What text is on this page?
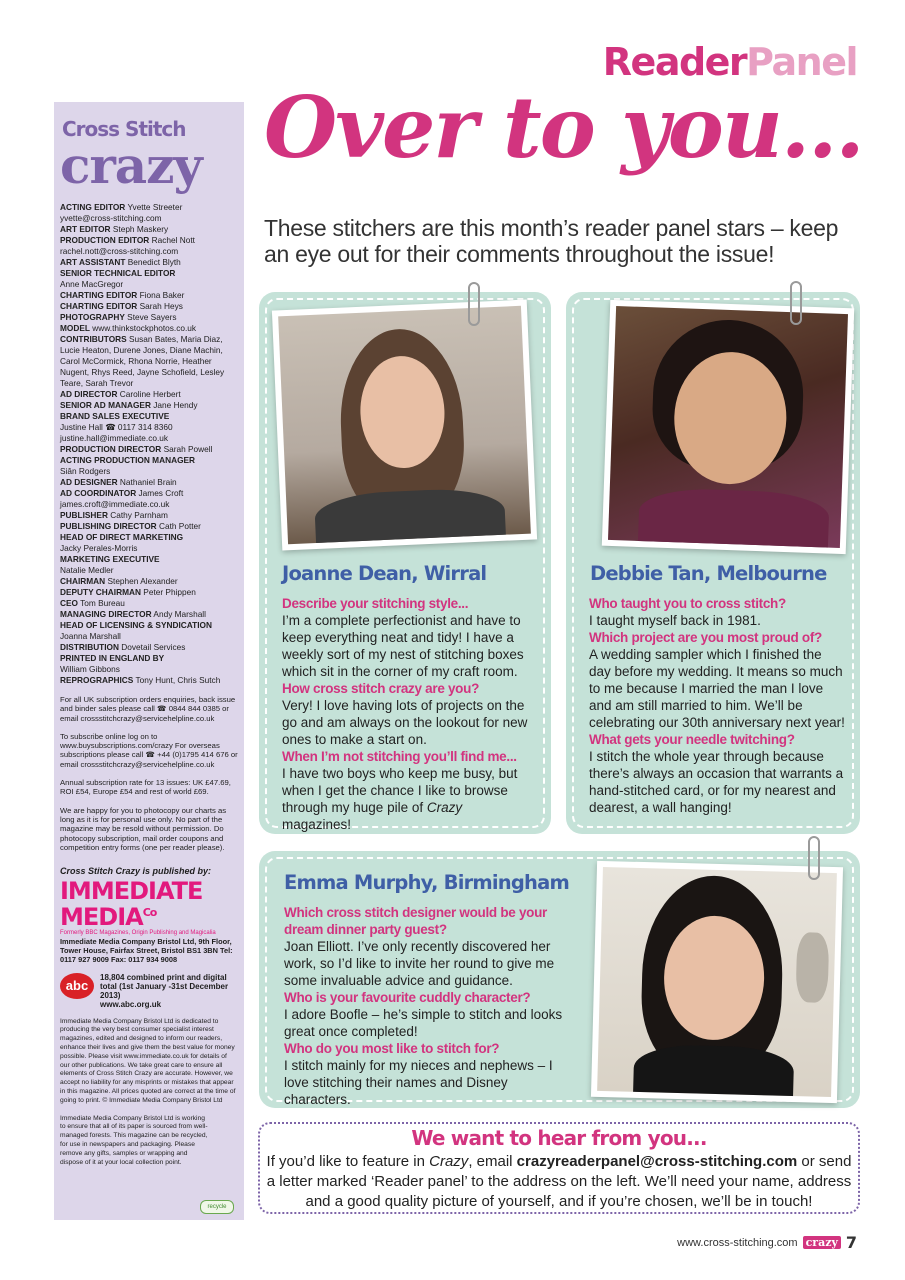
Cross Stitch
crazy
ACTING EDITOR Yvette Streeter
yvette@cross-stitching.com
ART EDITOR Steph Maskery
PRODUCTION EDITOR Rachel Nott
rachel.nott@cross-stitching.com
ART ASSISTANT Benedict Blyth
SENIOR TECHNICAL EDITOR
Anne MacGregor
CHARTING EDITOR Fiona Baker
CHARTING EDITOR Sarah Heys
PHOTOGRAPHY Steve Sayers
MODEL www.thinkstockphotos.co.uk
CONTRIBUTORS Susan Bates, Maria Diaz, Lucie Heaton, Durene Jones, Diane Machin, Carol McCormick, Rhona Norrie, Heather Nugent, Rhys Reed, Jayne Schofield, Lesley Teare, Sarah Trevor
AD DIRECTOR Caroline Herbert
SENIOR AD MANAGER Jane Hendy
BRAND SALES EXECUTIVE
Justine Hall ☎ 0117 314 8360
justine.hall@immediate.co.uk
PRODUCTION DIRECTOR Sarah Powell
ACTING PRODUCTION MANAGER
Siân Rodgers
AD DESIGNER Nathaniel Brain
AD COORDINATOR James Croft
james.croft@immediate.co.uk
PUBLISHER Cathy Parnham
PUBLISHING DIRECTOR Cath Potter
HEAD OF DIRECT MARKETING
Jacky Perales-Morris
MARKETING EXECUTIVE
Natalie Medler
CHAIRMAN Stephen Alexander
DEPUTY CHAIRMAN Peter Phippen
CEO Tom Bureau
MANAGING DIRECTOR Andy Marshall
HEAD OF LICENSING & SYNDICATION
Joanna Marshall
DISTRIBUTION Dovetail Services
PRINTED IN ENGLAND BY
William Gibbons
REPROGRAPHICS Tony Hunt, Chris Sutch

For all UK subscription orders enquiries, back issue and binder sales please call ☎ 0844 844 0385 or email crossstitchcrazy@servicehelpline.co.uk

To subscribe online log on to www.buysubscriptions.com/crazy For overseas subscriptions please call ☎ +44 (0)1795 414 676 or email crossstitchcrazy@servicehelpline.co.uk

Annual subscription rate for 13 issues: UK £47.69, ROI £54, Europe £54 and rest of world £69.

We are happy for you to photocopy our charts as long as it is for personal use only. No part of the magazine may be resold without permission. Do photocopy subscription, mail order coupons and competition entry forms (one per reader please).

Cross Stitch Crazy is published by:

IMMEDIATE
$MEDIA^{Co}$
Formerly BBC Magazines, Origin Publishing and Magicalia
Immediate Media Company Bristol Ltd, 9th Floor, Tower House, Fairfax Street, Bristol BS1 3BN Tel: 0117 927 9009 Fax: 0117 934 9008
abc
18,804 combined print and digital total (1st January -31st December 2013)
www.abc.org.uk

Immediate Media Company Bristol Ltd is dedicated to producing the very best consumer specialist interest magazines, edited and designed to inform our readers, enhance their lives and give them the best value for money possible. Please visit www.immediate.co.uk for details of our other publications. We take great care to ensure all elements of Cross Stitch Crazy are accurate. However, we accept no liability for any misprints or mistakes that appear in this magazine. All prices quoted are correct at the time of going to print. © Immediate Media Company Bristol Ltd

Immediate Media Company Bristol Ltd is working to ensure that all of its paper is sourced from well-managed forests. This magazine can be recycled, for use in newspapers and packaging. Please remove any gifts, samples or wrapping and dispose of it at your local collection point.

recycle
ReaderPanel
Over to you...

These stitchers are this month’s reader panel stars – keep an eye out for their comments throughout the issue!

Joanne Dean, Wirral
Describe your stitching style...
I’m a complete perfectionist and have to keep everything neat and tidy! I have a weekly sort of my nest of stitching boxes which sit in the corner of my craft room.
How cross stitch crazy are you?
Very! I love having lots of projects on the go and am always on the lookout for new ones to make a start on.
When I’m not stitching you’ll find me...
I have two boys who keep me busy, but when I get the chance I like to browse through my huge pile of Crazy magazines!
Debbie Tan, Melbourne
Who taught you to cross stitch?
I taught myself back in 1981.
Which project are you most proud of?
A wedding sampler which I finished the day before my wedding. It means so much to me because I married the man I love and am still married to him. We’ll be celebrating our 30th anniversary next year!
What gets your needle twitching?
I stitch the whole year through because there’s always an occasion that warrants a hand-stitched card, or for my nearest and dearest, a wall hanging!
Emma Murphy, Birmingham
Which cross stitch designer would be your dream dinner party guest?
Joan Elliott. I’ve only recently discovered her work, so I’d like to invite her round to give me some invaluable advice and guidance.
Who is your favourite cuddly character?
I adore Boofle – he’s simple to stitch and looks great once completed!
Who do you most like to stitch for?
I stitch mainly for my nieces and nephews – I love stitching their names and Disney characters.
We want to hear from you...

If you’d like to feature in Crazy, email crazyreaderpanel@cross-stitching.com or send a letter marked ‘Reader panel’ to the address on the left. We’ll need your name, address and a good quality picture of yourself, and if you’re chosen, we’ll be in touch!

www.cross-stitching.com crazy 7
